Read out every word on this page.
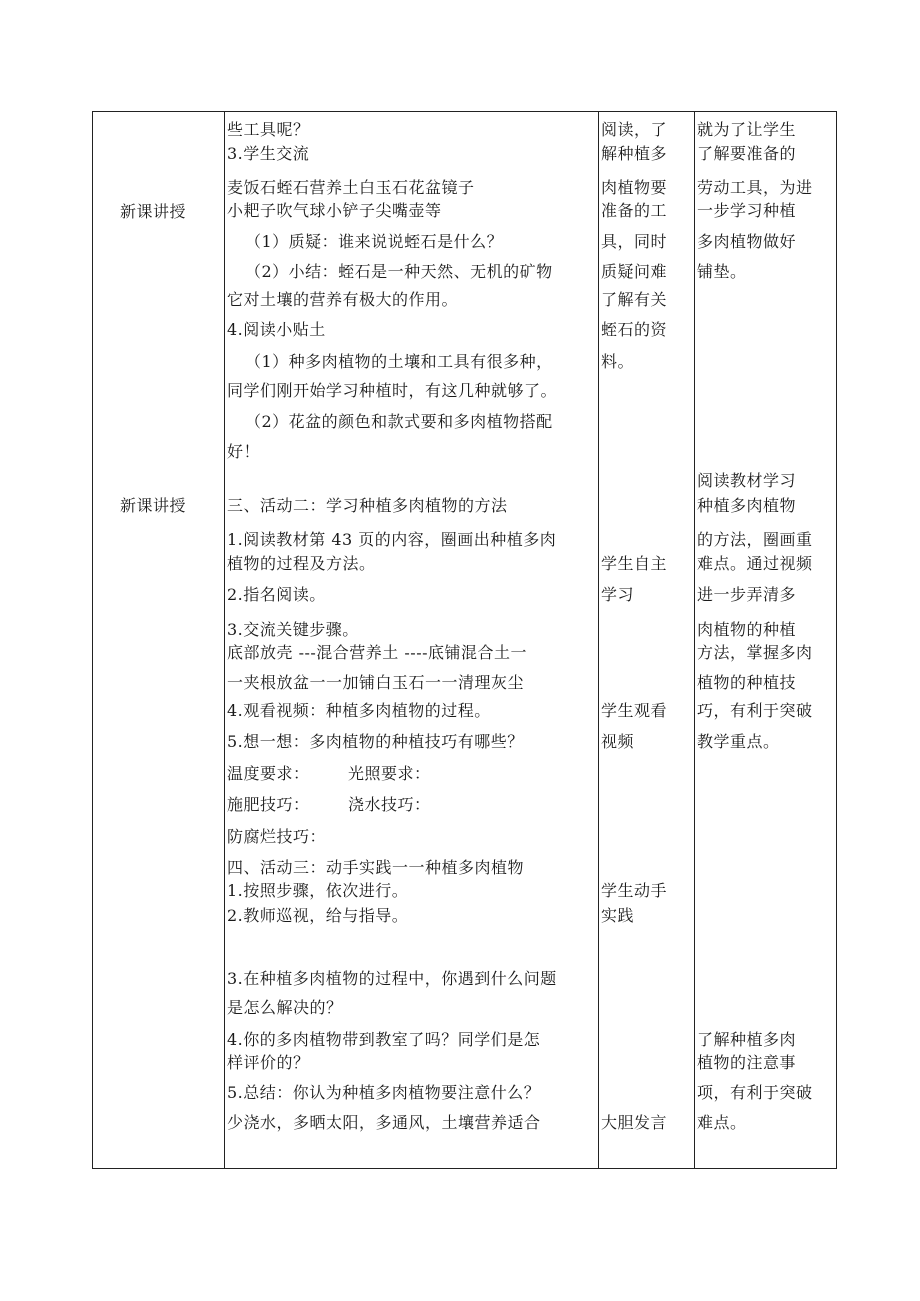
新课讲授
新课讲授
些工具呢？
3.学生交流
麦饭石蛭石营养土白玉石花盆镜子
小耙子吹气球小铲子尖嘴壶等
（1）质疑：谁来说说蛭石是什么？
（2）小结：蛭石是一种天然、无机的矿物
它对土壤的营养有极大的作用。
4.阅读小贴土
（1）种多肉植物的土壤和工具有很多种，
同学们刚开始学习种植时，有这几种就够了。
（2）花盆的颜色和款式要和多肉植物搭配
好！
三、活动二：学习种植多肉植物的方法
1.阅读教材第 43 页的内容，圈画出种植多肉
植物的过程及方法。
2.指名阅读。
3.交流关键步骤。
底部放壳 ---混合营养土 ----底铺混合土一
一夹根放盆一一加铺白玉石一一清理灰尘
4.观看视频：种植多肉植物的过程。
5.想一想：多肉植物的种植技巧有哪些？
温度要求： 光照要求：
施肥技巧： 浇水技巧：
防腐烂技巧：
四、活动三：动手实践一一种植多肉植物
1.按照步骤，依次进行。
2.教师巡视，给与指导。
3.在种植多肉植物的过程中，你遇到什么问题
是怎么解决的？
4.你的多肉植物带到教室了吗？同学们是怎
样评价的？
5.总结：你认为种植多肉植物要注意什么？
少浇水，多晒太阳，多通风，土壤营养适合
阅读，了
解种植多
肉植物要
准备的工
具，同时
质疑问难
了解有关
蛭石的资
料。
学生自主
学习
学生观看
视频
学生动手
实践
大胆发言
就为了让学生
了解要准备的
劳动工具，为进
一步学习种植
多肉植物做好
铺垫。
阅读教材学习
种植多肉植物
的方法，圈画重
难点。通过视频
进一步弄清多
肉植物的种植
方法，掌握多肉
植物的种植技
巧，有利于突破
教学重点。
了解种植多肉
植物的注意事
项，有利于突破
难点。
